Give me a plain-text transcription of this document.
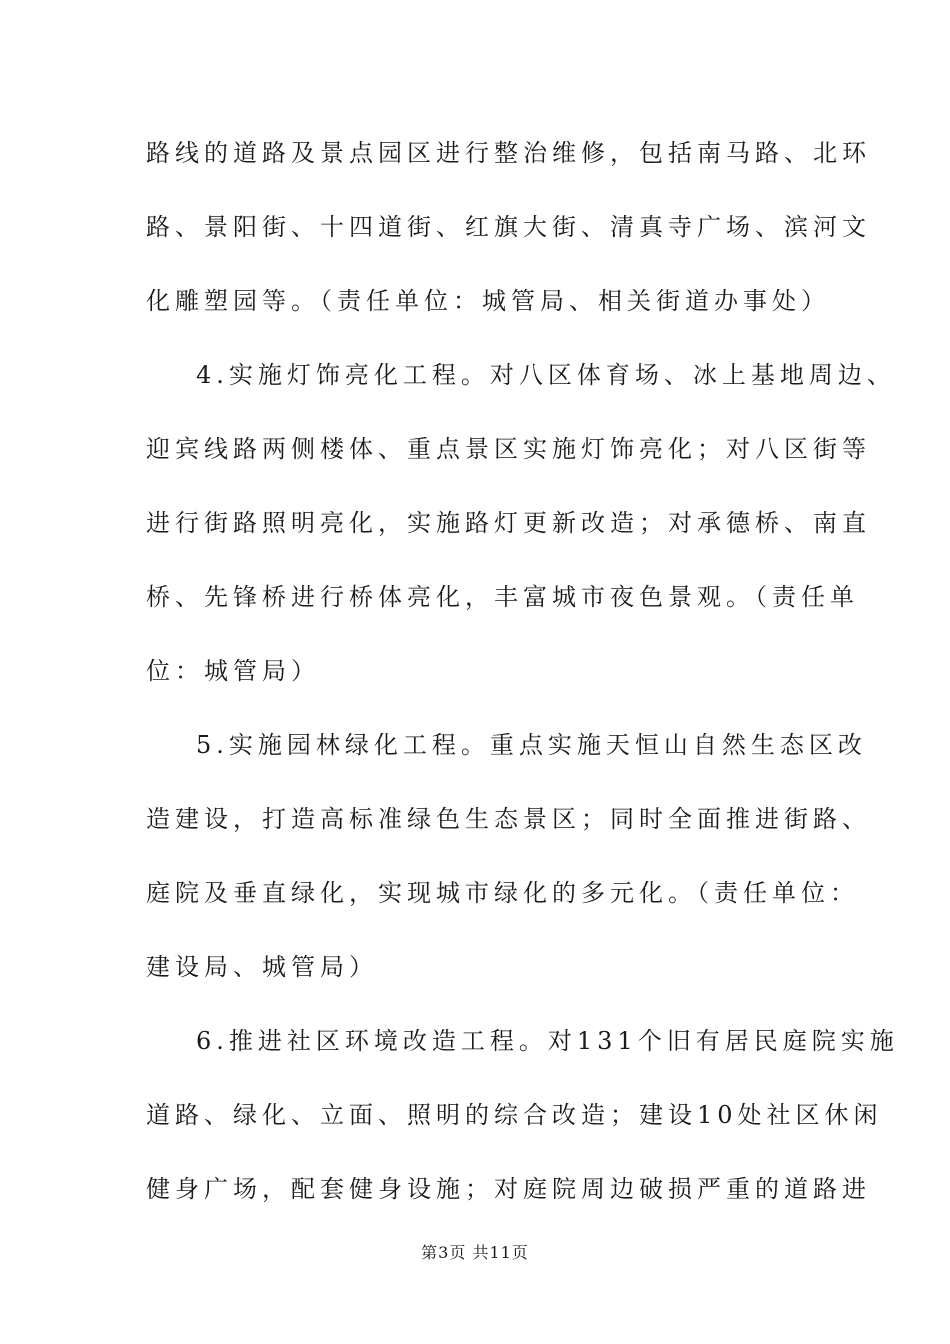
路线的道路及景点园区进行整治维修，包括南马路、北环
路、景阳街、十四道街、红旗大街、清真寺广场、滨河文
化雕塑园等。（责任单位：城管局、相关街道办事处）
4.实施灯饰亮化工程。对八区体育场、冰上基地周边、
迎宾线路两侧楼体、重点景区实施灯饰亮化；对八区街等
进行街路照明亮化，实施路灯更新改造；对承德桥、南直
桥、先锋桥进行桥体亮化，丰富城市夜色景观。（责任单
位：城管局）
5.实施园林绿化工程。重点实施天恒山自然生态区改
造建设，打造高标准绿色生态景区；同时全面推进街路、
庭院及垂直绿化，实现城市绿化的多元化。（责任单位：
建设局、城管局）
6.推进社区环境改造工程。对131个旧有居民庭院实施
道路、绿化、立面、照明的综合改造；建设10处社区休闲
健身广场，配套健身设施；对庭院周边破损严重的道路进
第3页 共11页
